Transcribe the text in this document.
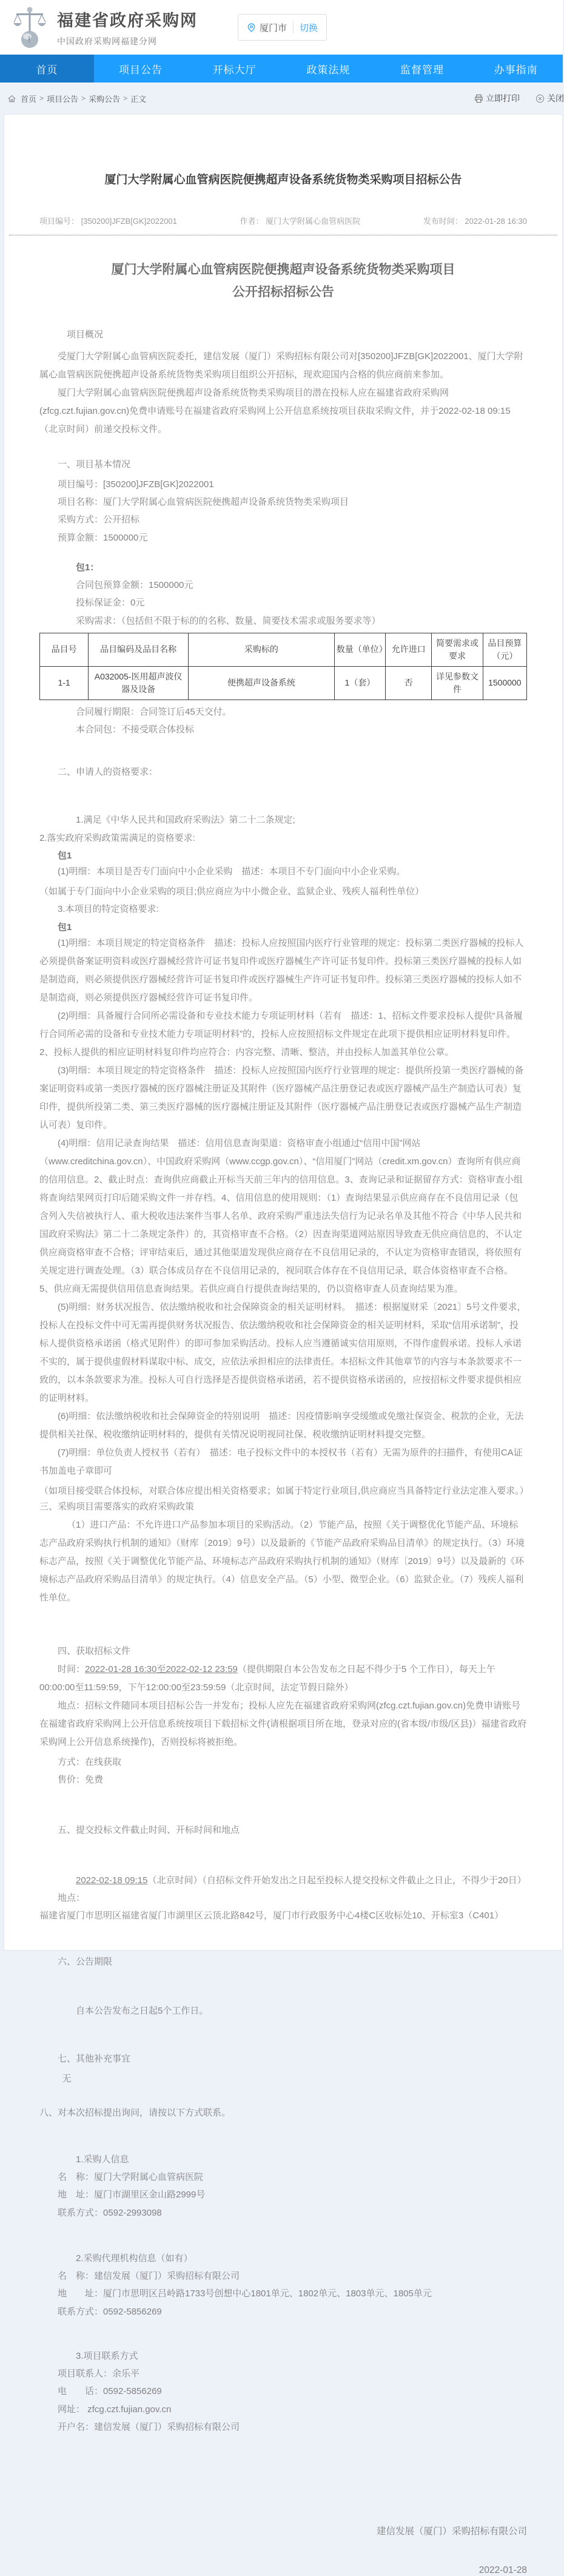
福建省政府采购网
中国政府采购网福建分网
厦门市 切换
首页	项目公告	开标大厅	政策法规	监督管理	办事指南
首页 > 项目公告 > 采购公告 > 正文	立即打印	关闭
厦门大学附属心血管病医院便携超声设备系统货物类采购项目招标公告
项目编号： [350200]JFZB[GK]2022001	作者： 厦门大学附属心血管病医院	发布时间： 2022-01-28 16:30
厦门大学附属心血管病医院便携超声设备系统货物类采购项目
公开招标招标公告

项目概况

受厦门大学附属心血管病医院委托，建信发展（厦门）采购招标有限公司对[350200]JFZB[GK]2022001、厦门大学附属心血管病医院便携超声设备系统货物类采购项目组织公开招标，现欢迎国内合格的供应商前来参加。

厦门大学附属心血管病医院便携超声设备系统货物类采购项目的潜在投标人应在福建省政府采购网(zfcg.czt.fujian.gov.cn)免费申请账号在福建省政府采购网上公开信息系统按项目获取采购文件，并于2022-02-18 09:15（北京时间）前递交投标文件。

一、项目基本情况

项目编号：[350200]JFZB[GK]2022001

项目名称：厦门大学附属心血管病医院便携超声设备系统货物类采购项目

采购方式：公开招标

预算金额：1500000元

包1：

合同包预算金额：1500000元

投标保证金：0元

采购需求：（包括但不限于标的的名称、数量、简要技术需求或服务要求等）

品目号	品目编码及品目名称	采购标的	数量（单位）	允许进口	简要需求或要求	品目预算（元）
1-1	A032005-医用超声波仪器及设备	便携超声设备系统	1（套）	否	详见参数文件	1500000

合同履行期限：合同签订后45天交付。

本合同包：不接受联合体投标

二、申请人的资格要求：

1.满足《中华人民共和国政府采购法》第二十二条规定;

2.落实政府采购政策需满足的资格要求:

包1

(1)明细：本项目是否专门面向中小企业采购　描述：本项目不专门面向中小企业采购。

（如属于专门面向中小企业采购的项目;供应商应为中小微企业、监狱企业、残疾人福利性单位）

3.本项目的特定资格要求:

包1

(1)明细：本项目规定的特定资格条件　描述：投标人应按照国内医疗行业管理的规定：投标第二类医疗器械的投标人必须提供备案证明资料或医疗器械经营许可证书复印件或医疗器械生产许可证书复印件。投标第三类医疗器械的投标人如是制造商，则必须提供医疗器械经营许可证书复印件或医疗器械生产许可证书复印件。投标第三类医疗器械的投标人如不是制造商，则必须提供医疗器械经营许可证书复印件。

(2)明细：具备履行合同所必需设备和专业技术能力专项证明材料（若有　描述：1、招标文件要求投标人提供“具备履行合同所必需的设备和专业技术能力专项证明材料”的，投标人应按照招标文件规定在此项下提供相应证明材料复印件。2、投标人提供的相应证明材料复印件均应符合：内容完整、清晰、整洁，并由投标人加盖其单位公章。

(3)明细：本项目规定的特定资格条件　描述：投标人应按照国内医疗行业管理的规定：提供所投第一类医疗器械的备案证明资料或第一类医疗器械的医疗器械注册证及其附件（医疗器械产品注册登记表或医疗器械产品生产制造认可表）复印件，提供所投第二类、第三类医疗器械的医疗器械注册证及其附件（医疗器械产品注册登记表或医疗器械产品生产制造认可表）复印件。

(4)明细：信用记录查询结果　描述：信用信息查询渠道：资格审查小组通过“信用中国”网站（www.creditchina.gov.cn）、中国政府采购网（www.ccgp.gov.cn）、“信用厦门”网站（credit.xm.gov.cn）查询所有供应商的信用信息。2、截止时点：查询供应商截止开标当天前三年内的信用信息。3、查询记录和证据留存方式：资格审查小组将查询结果网页打印后随采购文件一并存档。4、信用信息的使用规则：（1）查询结果显示供应商存在不良信用记录（包含列入失信被执行人、重大税收违法案件当事人名单、政府采购严重违法失信行为记录名单及其他不符合《中华人民共和国政府采购法》第二十二条规定条件）的，其资格审查不合格。（2）因查询渠道网站原因导致查无供应商信息的，不认定供应商资格审查不合格；评审结束后，通过其他渠道发现供应商存在不良信用记录的，不认定为资格审查错误，将依照有关规定进行调查处理。（3）联合体成员存在不良信用记录的，视同联合体存在不良信用记录，联合体资格审查不合格。5、供应商无需提供信用信息查询结果。若供应商自行提供查询结果的，仍以资格审查人员查询结果为准。

(5)明细：财务状况报告、依法缴纳税收和社会保障资金的相关证明材料。　描述：根据厦财采〔2021〕5号文件要求，投标人在投标文件中可无需再提供财务状况报告、依法缴纳税收和社会保障资金的相关证明材料，采取“信用承诺制”，投标人提供资格承诺函（格式见附件）的即可参加采购活动。投标人应当遵循诚实信用原则，不得作虚假承诺。投标人承诺不实的，属于提供虚假材料谋取中标、成交，应依法承担相应的法律责任。本招标文件其他章节的内容与本条款要求不一致的，以本条款要求为准。投标人可自行选择是否提供资格承诺函，若不提供资格承诺函的，应按招标文件要求提供相应的证明材料。

(6)明细：依法缴纳税收和社会保障资金的特别说明　描述：因疫情影响享受缓缴或免缴社保资金、税款的企业，无法提供相关社保、税收缴纳证明材料的，提供有关情况说明视同社保、税收缴纳证明材料提交完整。

(7)明细：单位负责人授权书（若有）　描述：电子投标文件中的本授权书（若有）无需为原件的扫描件，有使用CA证书加盖电子章即可

（如项目接受联合体投标，对联合体应提出相关资格要求；如属于特定行业项目,供应商应当具备特定行业法定准入要求。）

三、采购项目需要落实的政府采购政策

（1）进口产品：不允许进口产品参加本项目的采购活动。（2）节能产品，按照《关于调整优化节能产品、环境标志产品政府采购执行机制的通知》（财库〔2019〕9号）以及最新的《节能产品政府采购品目清单》的规定执行。（3）环境标志产品，按照《关于调整优化节能产品、环境标志产品政府采购执行机制的通知》（财库〔2019〕9号）以及最新的《环境标志产品政府采购品目清单》的规定执行。（4）信息安全产品。（5）小型、微型企业。（6）监狱企业。（7）残疾人福利性单位。

四、获取招标文件

时间：2022-01-28 16:30至2022-02-12 23:59（提供期限自本公告发布之日起不得少于5 个工作日），每天上午00:00:00至11:59:59，下午12:00:00至23:59:59（北京时间，法定节假日除外）

地点：招标文件随同本项目招标公告一并发布；投标人应先在福建省政府采购网(zfcg.czt.fujian.gov.cn)免费申请账号在福建省政府采购网上公开信息系统按项目下载招标文件(请根据项目所在地，登录对应的(省本级/市级/区县)）福建省政府采购网上公开信息系统操作)，否则投标将被拒绝。

方式：在线获取

售价：免费

五、提交投标文件截止时间、开标时间和地点

2022-02-18 09:15（北京时间）（自招标文件开始发出之日起至投标人提交投标文件截止之日止，不得少于20日）

地点：

福建省厦门市思明区福建省厦门市湖里区云顶北路842号，厦门市行政服务中心4楼C区收标处10、开标室3（C401）

六、公告期限

自本公告发布之日起5个工作日。

七、其他补充事宜

无

八、对本次招标提出询问，请按以下方式联系。

1.采购人信息

名　称：厦门大学附属心血管病医院

地　址：厦门市湖里区金山路2999号

联系方式：0592-2993098

2.采购代理机构信息（如有）

名　称：建信发展（厦门）采购招标有限公司

地　　址：厦门市思明区吕岭路1733号创想中心1801单元、1802单元、1803单元、1805单元

联系方式：0592-5856269

3.项目联系方式

项目联系人：余乐平

电　　话：0592-5856269

网址： zfcg.czt.fujian.gov.cn

开户名：建信发展（厦门）采购招标有限公司

建信发展（厦门）采购招标有限公司

2022-01-28
